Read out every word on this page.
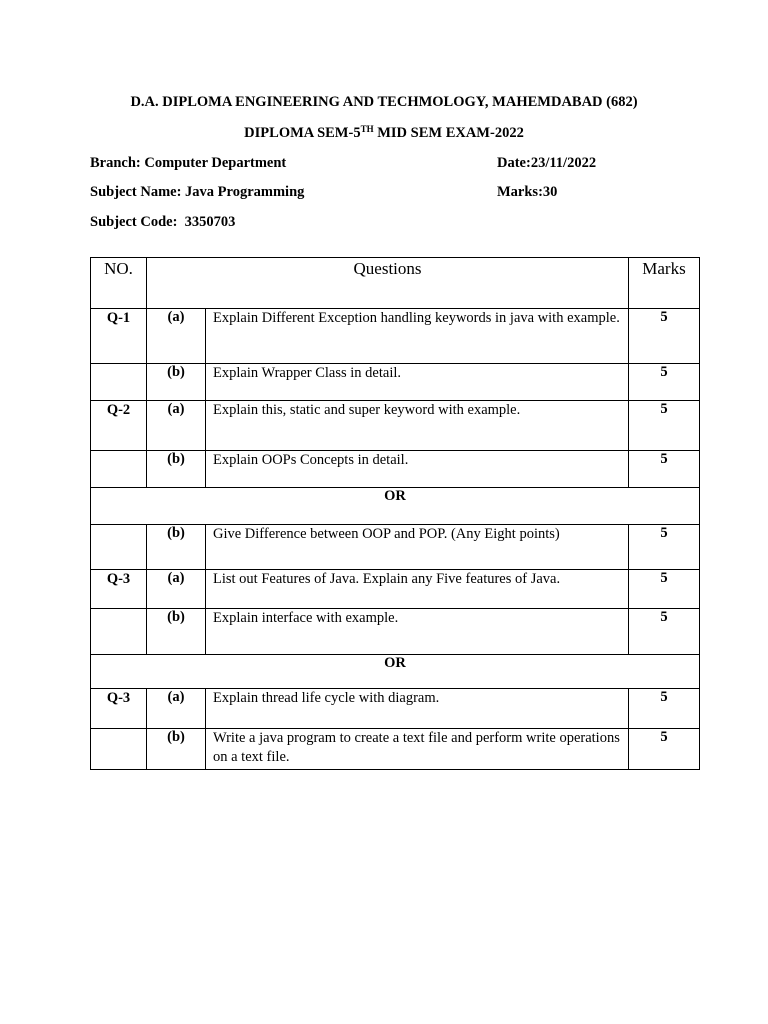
D.A. DIPLOMA ENGINEERING AND TECHMOLOGY, MAHEMDABAD (682)
DIPLOMA SEM-5TH MID SEM EXAM-2022
Branch: Computer Department	Date:23/11/2022
Subject Name: Java Programming	Marks:30
Subject Code:  3350703
NO.	Questions		Marks
Q-1	(a)	Explain Different Exception handling keywords in java with example.	5
	(b)	Explain Wrapper Class in detail.	5
Q-2	(a)	Explain this, static and super keyword with example.	5
	(b)	Explain OOPs Concepts in detail.	5
OR			
	(b)	Give Difference between OOP and POP. (Any Eight points)	5
Q-3	(a)	List out Features of Java. Explain any Five features of Java.	5
	(b)	Explain interface with example.	5
OR			
Q-3	(a)	Explain thread life cycle with diagram.	5
	(b)	Write a java program to create a text file and perform write operations on a text file.	5
